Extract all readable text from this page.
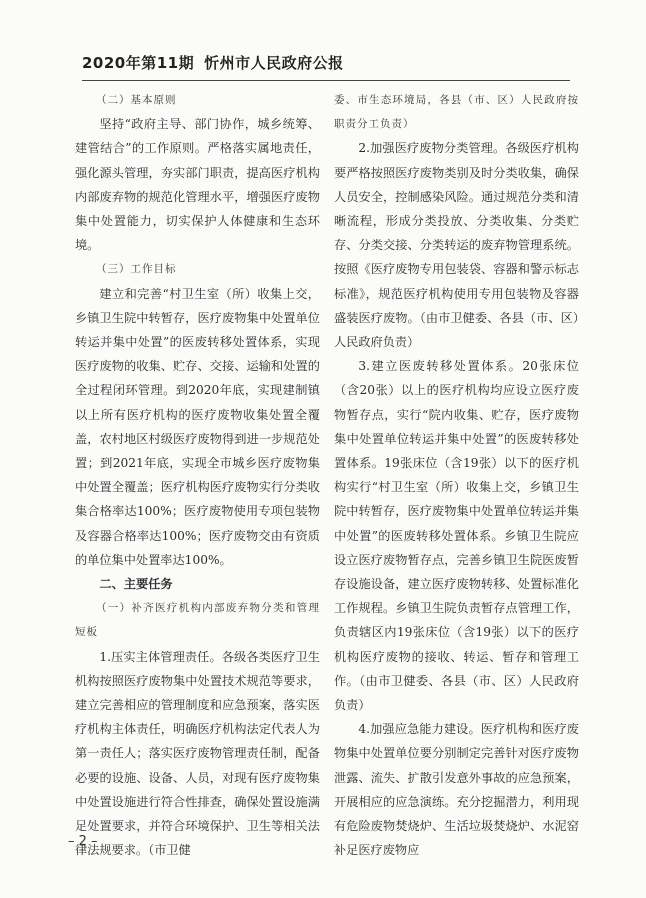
2020年第11期 忻州市人民政府公报

（二）基本原则

坚持“政府主导、部门协作，城乡统筹、建管结合”的工作原则。严格落实属地责任，强化源头管理，夯实部门职责，提高医疗机构内部废弃物的规范化管理水平，增强医疗废物集中处置能力，切实保护人体健康和生态环境。

（三）工作目标

建立和完善“村卫生室（所）收集上交，乡镇卫生院中转暂存，医疗废物集中处置单位转运并集中处置”的医废转移处置体系，实现医疗废物的收集、贮存、交接、运输和处置的全过程闭环管理。到2020年底，实现建制镇以上所有医疗机构的医疗废物收集处置全覆盖，农村地区村级医疗废物得到进一步规范处置；到2021年底，实现全市城乡医疗废物集中处置全覆盖；医疗机构医疗废物实行分类收集合格率达100%；医疗废物使用专项包装物及容器合格率达100%；医疗废物交由有资质的单位集中处置率达100%。

二、主要任务

（一）补齐医疗机构内部废弃物分类和管理短板

1.压实主体管理责任。各级各类医疗卫生机构按照医疗废物集中处置技术规范等要求，建立完善相应的管理制度和应急预案，落实医疗机构主体责任，明确医疗机构法定代表人为第一责任人；落实医疗废物管理责任制，配备必要的设施、设备、人员，对现有医疗废物集中处置设施进行符合性排查，确保处置设施满足处置要求，并符合环境保护、卫生等相关法律法规要求。（市卫健

委、市生态环境局，各县（市、区）人民政府按职责分工负责）

2.加强医疗废物分类管理。各级医疗机构要严格按照医疗废物类别及时分类收集，确保人员安全，控制感染风险。通过规范分类和清晰流程，形成分类投放、分类收集、分类贮存、分类交接、分类转运的废弃物管理系统。按照《医疗废物专用包装袋、容器和警示标志标准》，规范医疗机构使用专用包装物及容器盛装医疗废物。（由市卫健委、各县（市、区）人民政府负责）

3.建立医废转移处置体系。20张床位（含20张）以上的医疗机构均应设立医疗废物暂存点，实行“院内收集、贮存，医疗废物集中处置单位转运并集中处置”的医废转移处置体系。19张床位（含19张）以下的医疗机构实行“村卫生室（所）收集上交，乡镇卫生院中转暂存，医疗废物集中处置单位转运并集中处置”的医废转移处置体系。乡镇卫生院应设立医疗废物暂存点，完善乡镇卫生院医废暂存设施设备，建立医疗废物转移、处置标准化工作规程。乡镇卫生院负责暂存点管理工作，负责辖区内19张床位（含19张）以下的医疗机构医疗废物的接收、转运、暂存和管理工作。（由市卫健委、各县（市、区）人民政府负责）

4.加强应急能力建设。医疗机构和医疗废物集中处置单位要分别制定完善针对医疗废物泄露、流失、扩散引发意外事故的应急预案，开展相应的应急演练。充分挖掘潜力，利用现有危险废物焚烧炉、生活垃圾焚烧炉、水泥窑补足医疗废物应

– 2 –
